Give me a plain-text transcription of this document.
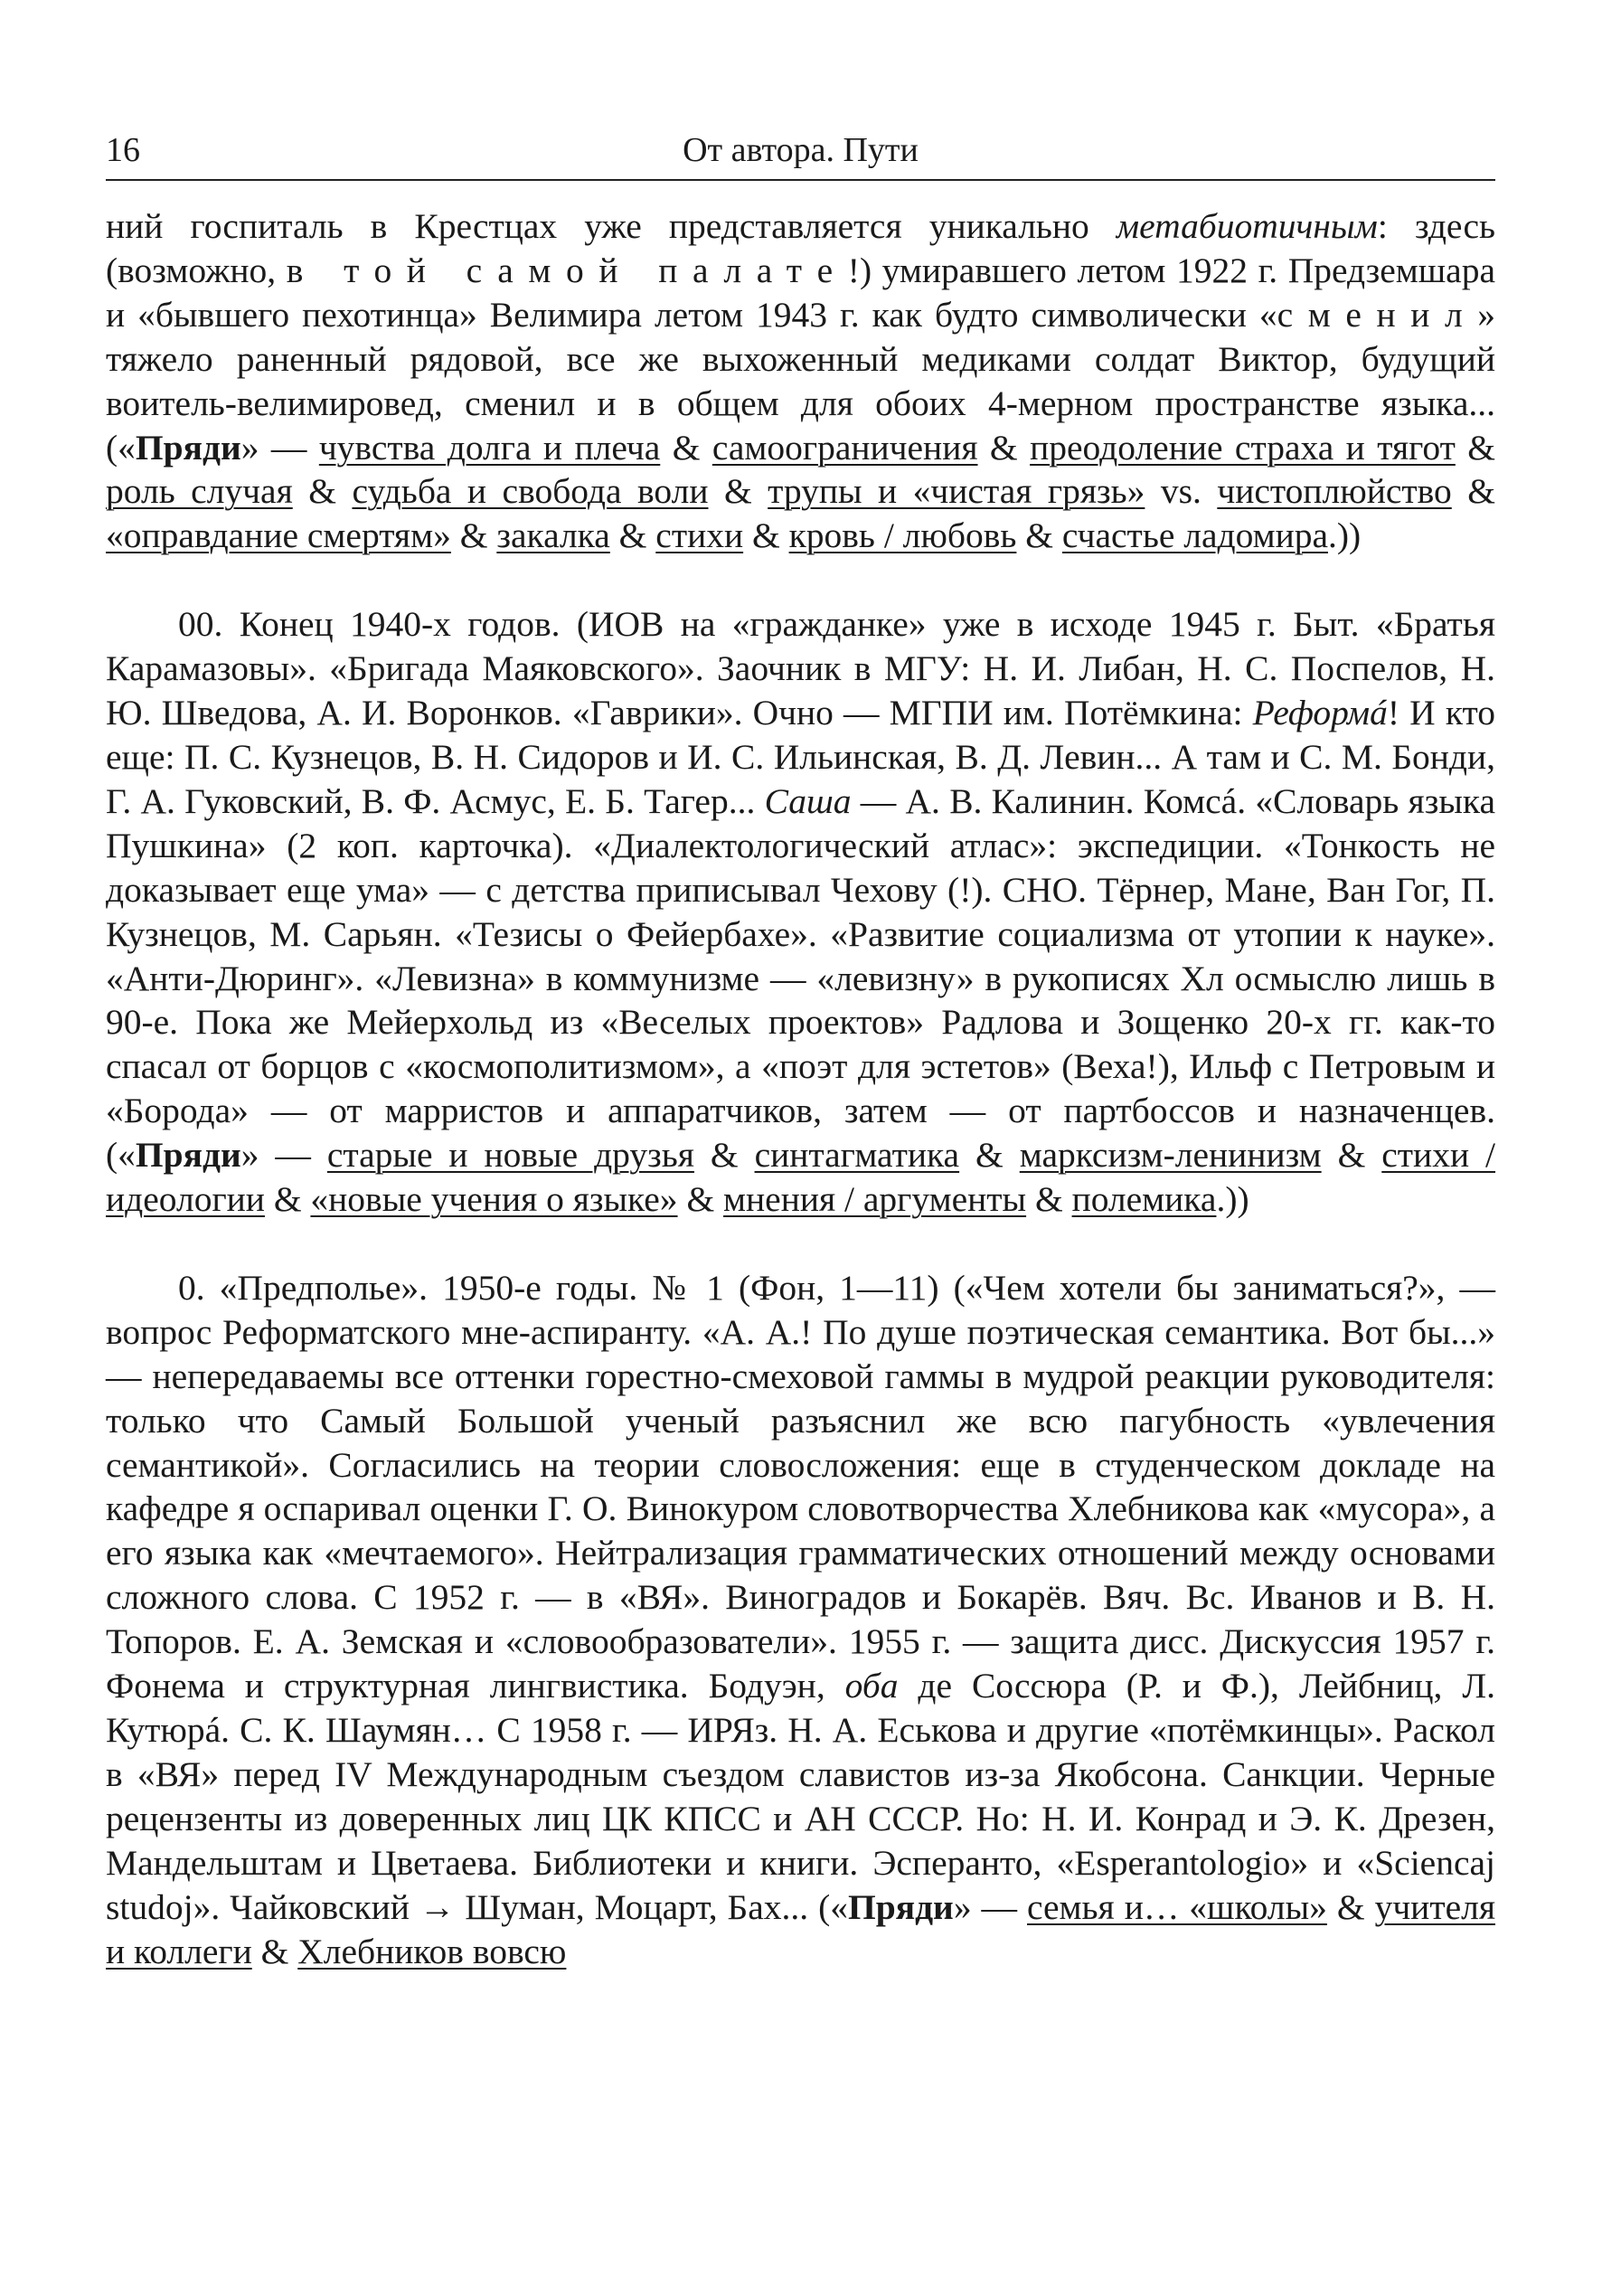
16	От автора. Пути

ний госпиталь в Крестцах уже представляется уникально метабиотичным: здесь (возможно, в той самой палате!) умиравшего летом 1922 г. Предземшара и «бывшего пехотинца» Велимира летом 1943 г. как будто символически «сменил» тяжело раненный рядовой, все же выхоженный медиками солдат Виктор, будущий воитель-велимировед, сменил и в общем для обоих 4-мерном пространстве языка... («Пряди» — чувства долга и плеча & самоограничения & преодоление страха и тягот & роль случая & судьба и свобода воли & трупы и «чистая грязь» vs. чистоплюйство & «оправдание смертям» & закалка & стихи & кровь / любовь & счастье ладомира.))

00. Конец 1940-х годов. (ИОВ на «гражданке» уже в исходе 1945 г. Быт. «Братья Карамазовы». «Бригада Маяковского». Заочник в МГУ: Н. И. Либан, Н. С. Поспелов, Н. Ю. Шведова, А. И. Воронков. «Гаврики». Очно — МГПИ им. Потёмкина: Реформá! И кто еще: П. С. Кузнецов, В. Н. Сидоров и И. С. Ильинская, В. Д. Левин... А там и С. М. Бонди, Г. А. Гуковский, В. Ф. Асмус, Е. Б. Тагер... Саша — А. В. Калинин. Комсá. «Словарь языка Пушкина» (2 коп. карточка). «Диалектологический атлас»: экспедиции. «Тонкость не доказывает еще ума» — с детства приписывал Чехову (!). СНО. Тёрнер, Мане, Ван Гог, П. Кузнецов, М. Сарьян. «Тезисы о Фейербахе». «Развитие социализма от утопии к науке». «Анти-Дюринг». «Левизна» в коммунизме — «левизну» в рукописях Хл осмыслю лишь в 90-е. Пока же Мейерхольд из «Веселых проектов» Радлова и Зощенко 20-х гг. как-то спасал от борцов с «космополитизмом», а «поэт для эстетов» (Веха!), Ильф с Петровым и «Борода» — от марристов и аппаратчиков, затем — от партбоссов и назначенцев. («Пряди» — старые и новые друзья & синтагматика & марксизм-ленинизм & стихи / идеологии & «новые учения о языке» & мнения / аргументы & полемика.))

0. «Предполье». 1950-е годы. № 1 (Фон, 1—11) («Чем хотели бы заниматься?», — вопрос Реформатского мне-аспиранту. «А. А.! По душе поэтическая семантика. Вот бы...» — непередаваемы все оттенки горестно-смеховой гаммы в мудрой реакции руководителя: только что Самый Большой ученый разъяснил же всю пагубность «увлечения семантикой». Согласились на теории словосложения: еще в студенческом докладе на кафедре я оспаривал оценки Г. О. Винокуром словотворчества Хлебникова как «мусора», а его языка как «мечтаемого». Нейтрализация грамматических отношений между основами сложного слова. С 1952 г. — в «ВЯ». Виноградов и Бокарёв. Вяч. Вс. Иванов и В. Н. Топоров. Е. А. Земская и «словообразователи». 1955 г. — защита дисс. Дискуссия 1957 г. Фонема и структурная лингвистика. Бодуэн, оба де Соссюра (Р. и Ф.), Лейбниц, Л. Кутюрá. С. К. Шаумян… С 1958 г. — ИРЯз. Н. А. Еськова и другие «потёмкинцы». Раскол в «ВЯ» перед IV Международным съездом славистов из-за Якобсона. Санкции. Черные рецензенты из доверенных лиц ЦК КПСС и АН СССР. Но: Н. И. Конрад и Э. К. Дрезен, Мандельштам и Цветаева. Библиотеки и книги. Эсперанто, «Esperantologio» и «Sciencaj studoj». Чайковский → Шуман, Моцарт, Бах... («Пряди» — семья и… «школы» & учителя и коллеги & Хлебников вовсю
